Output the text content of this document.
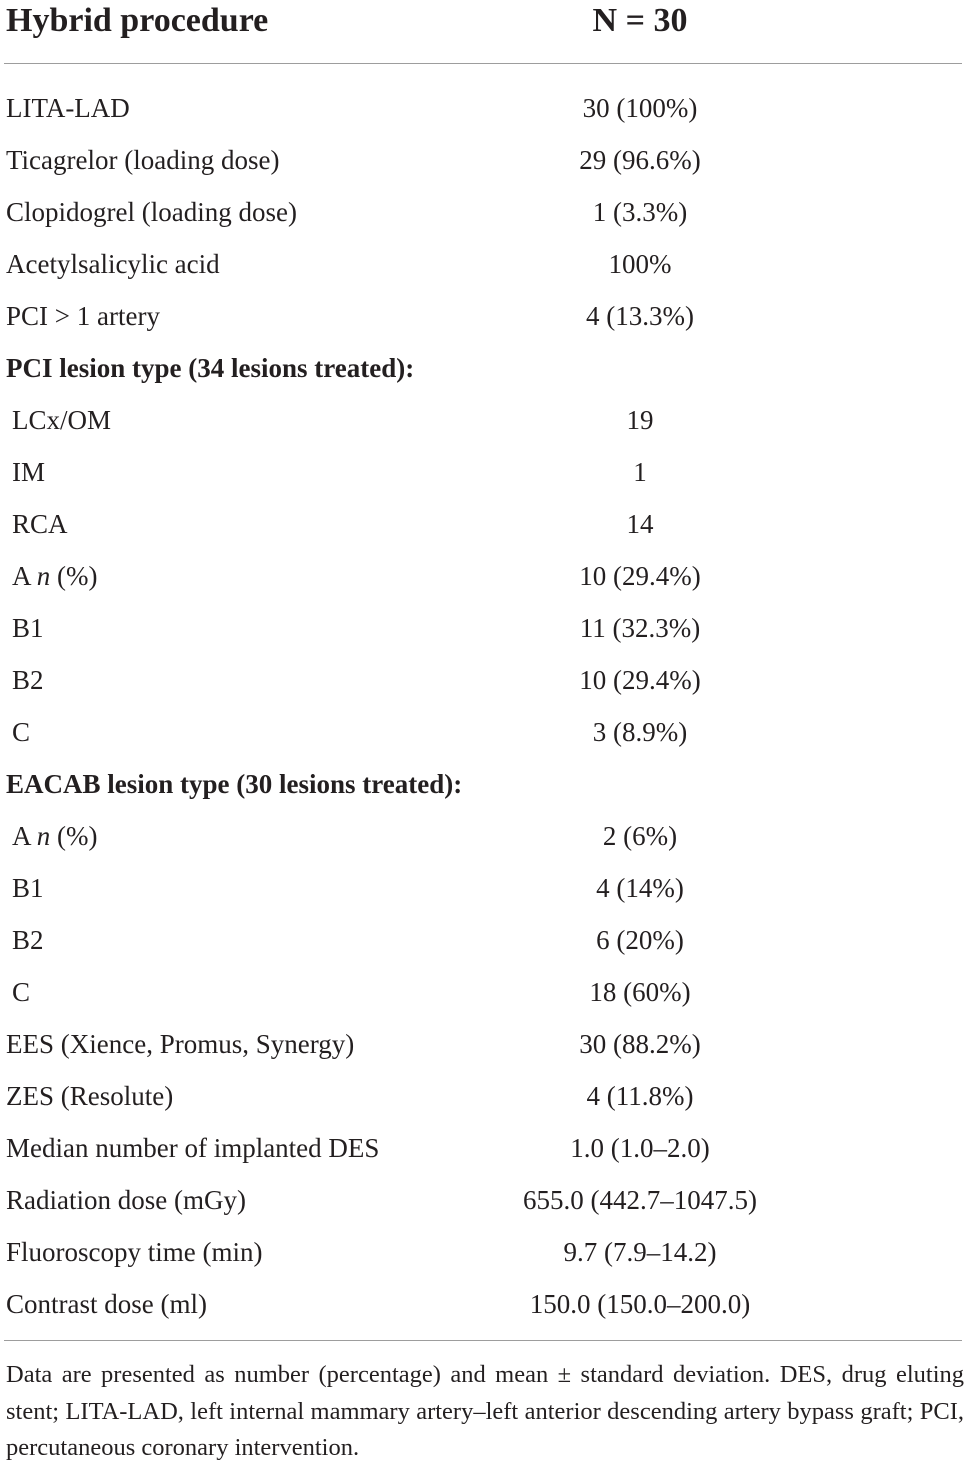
Hybrid procedure	N = 30
LITA-LAD	30 (100%)
Ticagrelor (loading dose)	29 (96.6%)
Clopidogrel (loading dose)	1 (3.3%)
Acetylsalicylic acid	100%
PCI > 1 artery	4 (13.3%)
PCI lesion type (34 lesions treated):
LCx/OM	19
IM	1
RCA	14
A n (%)	10 (29.4%)
B1	11 (32.3%)
B2	10 (29.4%)
C	3 (8.9%)
EACAB lesion type (30 lesions treated):
A n (%)	2 (6%)
B1	4 (14%)
B2	6 (20%)
C	18 (60%)
EES (Xience, Promus, Synergy)	30 (88.2%)
ZES (Resolute)	4 (11.8%)
Median number of implanted DES	1.0 (1.0–2.0)
Radiation dose (mGy)	655.0 (442.7–1047.5)
Fluoroscopy time (min)	9.7 (7.9–14.2)
Contrast dose (ml)	150.0 (150.0–200.0)

Data are presented as number (percentage) and mean ± standard deviation. DES, drug eluting stent; LITA-LAD, left internal mammary artery–left anterior descending artery bypass graft; PCI, percutaneous coronary intervention.
